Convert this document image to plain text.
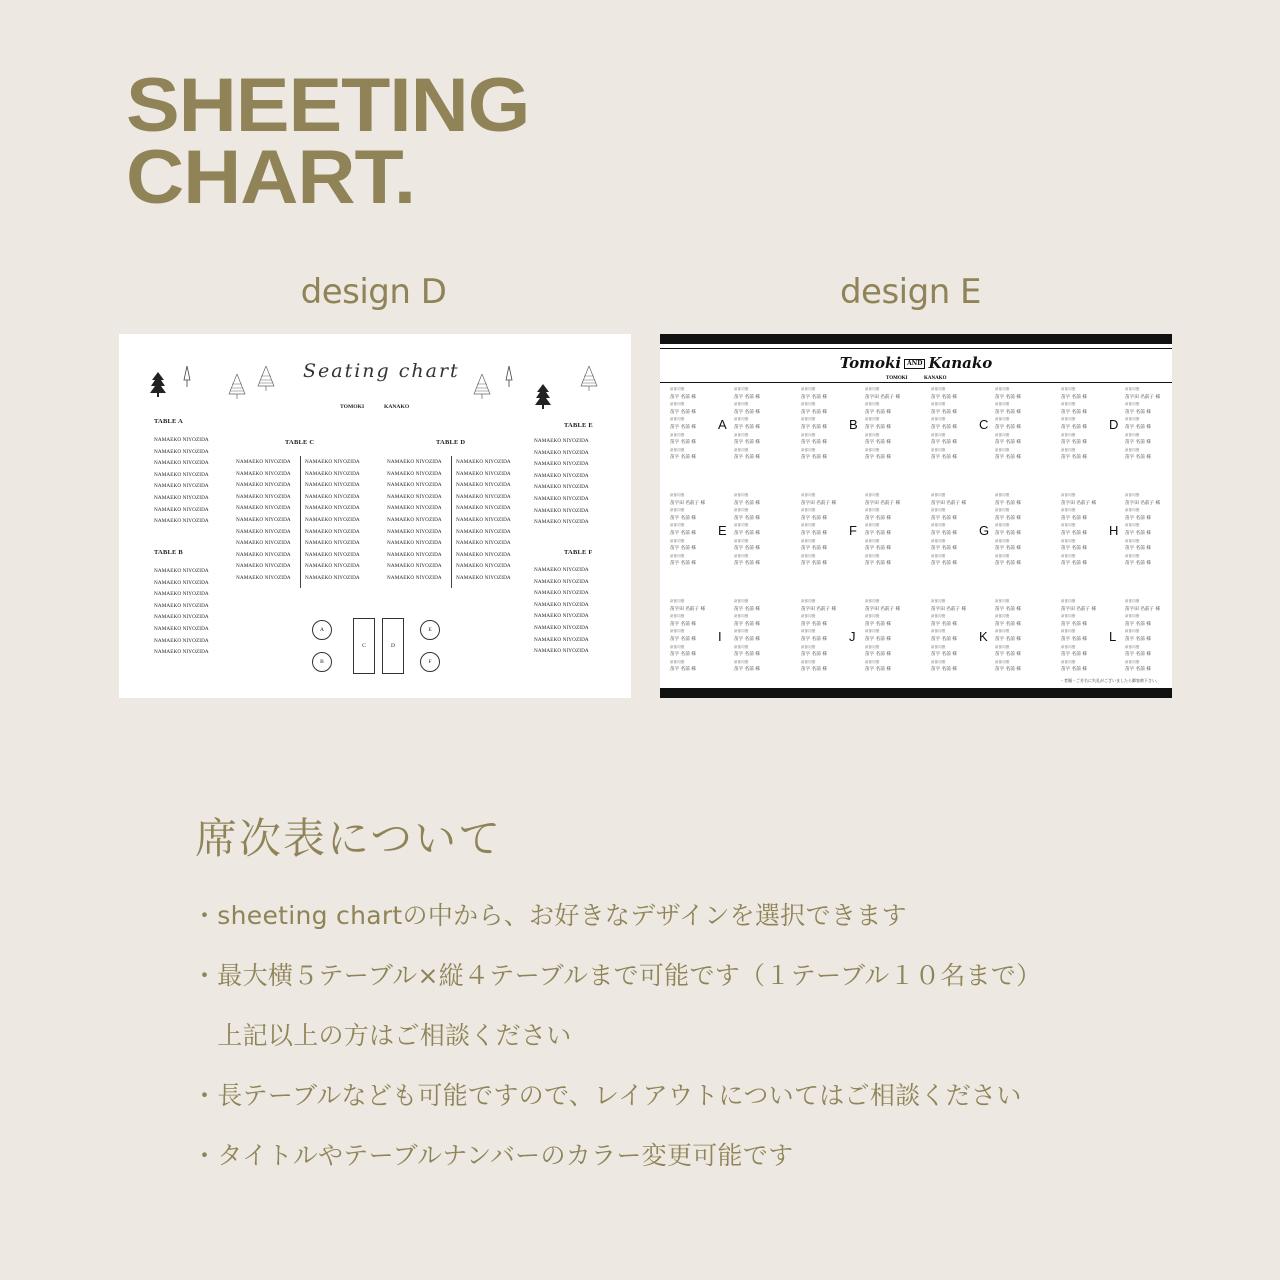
SHEETING
CHART.
design D	design E
Seating chart
TOMOKI	KANAKO
TABLE A
TABLE B
TABLE C	TABLE D
TABLE E
TABLE F
NAMAEKO NIYOZIDA
NAMAEKO NIYOZIDA
NAMAEKO NIYOZIDA
NAMAEKO NIYOZIDA
NAMAEKO NIYOZIDA
NAMAEKO NIYOZIDA
NAMAEKO NIYOZIDA
NAMAEKO NIYOZIDA
NAMAEKO NIYOZIDA
NAMAEKO NIYOZIDA
NAMAEKO NIYOZIDA
NAMAEKO NIYOZIDA
NAMAEKO NIYOZIDA
NAMAEKO NIYOZIDA
NAMAEKO NIYOZIDA
NAMAEKO NIYOZIDA
NAMAEKO NIYOZIDA
NAMAEKO NIYOZIDA
NAMAEKO NIYOZIDA
NAMAEKO NIYOZIDA
NAMAEKO NIYOZIDA
NAMAEKO NIYOZIDA
NAMAEKO NIYOZIDA
NAMAEKO NIYOZIDA
NAMAEKO NIYOZIDA
NAMAEKO NIYOZIDA
NAMAEKO NIYOZIDA
NAMAEKO NIYOZIDA
NAMAEKO NIYOZIDA
NAMAEKO NIYOZIDA
NAMAEKO NIYOZIDA
NAMAEKO NIYOZIDA
NAMAEKO NIYOZIDA
NAMAEKO NIYOZIDA
NAMAEKO NIYOZIDA
NAMAEKO NIYOZIDA
NAMAEKO NIYOZIDA
NAMAEKO NIYOZIDA
NAMAEKO NIYOZIDA
NAMAEKO NIYOZIDA
NAMAEKO NIYOZIDA
NAMAEKO NIYOZIDA
NAMAEKO NIYOZIDA
NAMAEKO NIYOZIDA
NAMAEKO NIYOZIDA
NAMAEKO NIYOZIDA
NAMAEKO NIYOZIDA
NAMAEKO NIYOZIDA
NAMAEKO NIYOZIDA
NAMAEKO NIYOZIDA
NAMAEKO NIYOZIDA
NAMAEKO NIYOZIDA
NAMAEKO NIYOZIDA
NAMAEKO NIYOZIDA
NAMAEKO NIYOZIDA
NAMAEKO NIYOZIDA
NAMAEKO NIYOZIDA
NAMAEKO NIYOZIDA
NAMAEKO NIYOZIDA
NAMAEKO NIYOZIDA
NAMAEKO NIYOZIDA
NAMAEKO NIYOZIDA
NAMAEKO NIYOZIDA
NAMAEKO NIYOZIDA
NAMAEKO NIYOZIDA
NAMAEKO NIYOZIDA
NAMAEKO NIYOZIDA
NAMAEKO NIYOZIDA
NAMAEKO NIYOZIDA
NAMAEKO NIYOZIDA
NAMAEKO NIYOZIDA
NAMAEKO NIYOZIDA
NAMAEKO NIYOZIDA
NAMAEKO NIYOZIDA
NAMAEKO NIYOZIDA
NAMAEKO NIYOZIDA
A
B
C	D
E
F
Tomoki AND Kanako
TOMOKI	KANAKO
A
新郎同僚
苗字 名前 様
新郎同僚
苗字 名前 様
新郎同僚
苗字 名前 様
新郎同僚
苗字 名前 様
新郎同僚
苗字 名前 様
新郎同僚
苗字 名前 様
新郎同僚
苗字 名前 様
新郎同僚
苗字 名前 様
新郎同僚
苗字 名前 様
新郎同僚
苗字 名前 様
B
新郎同僚
苗字 名前 様
新郎同僚
苗字 名前 様
新郎同僚
苗字 名前 様
新郎同僚
苗字 名前 様
新郎同僚
苗字 名前 様
新郎同僚
苗字田 名前子 様
新郎同僚
苗字 名前 様
新郎同僚
苗字 名前 様
新郎同僚
苗字 名前 様
新郎同僚
苗字 名前 様
C
新郎同僚
苗字 名前 様
新郎同僚
苗字 名前 様
新郎同僚
苗字 名前 様
新郎同僚
苗字 名前 様
新郎同僚
苗字 名前 様
新郎同僚
苗字 名前 様
新郎同僚
苗字 名前 様
新郎同僚
苗字 名前 様
新郎同僚
苗字 名前 様
新郎同僚
苗字 名前 様
D
新郎同僚
苗字 名前 様
新郎同僚
苗字 名前 様
新郎同僚
苗字 名前 様
新郎同僚
苗字 名前 様
新郎同僚
苗字 名前 様
新郎同僚
苗字田 名前子 様
新郎同僚
苗字 名前 様
新郎同僚
苗字 名前 様
新郎同僚
苗字 名前 様
新郎同僚
苗字 名前 様
E
新郎同僚
苗字田 名前子 様
新郎同僚
苗字 名前 様
新郎同僚
苗字 名前 様
新郎同僚
苗字 名前 様
新郎同僚
苗字 名前 様
新郎同僚
苗字 名前 様
新郎同僚
苗字 名前 様
新郎同僚
苗字 名前 様
新郎同僚
苗字 名前 様
新郎同僚
苗字 名前 様
F
新郎同僚
苗字田 名前子 様
新郎同僚
苗字 名前 様
新郎同僚
苗字 名前 様
新郎同僚
苗字 名前 様
新郎同僚
苗字 名前 様
新郎同僚
苗字田 名前子 様
新郎同僚
苗字 名前 様
新郎同僚
苗字 名前 様
新郎同僚
苗字 名前 様
新郎同僚
苗字 名前 様
G
新郎同僚
苗字田 名前子 様
新郎同僚
苗字 名前 様
新郎同僚
苗字 名前 様
新郎同僚
苗字 名前 様
新郎同僚
苗字 名前 様
新郎同僚
苗字 名前 様
新郎同僚
苗字 名前 様
新郎同僚
苗字 名前 様
新郎同僚
苗字 名前 様
新郎同僚
苗字 名前 様
H
新郎同僚
苗字田 名前子 様
新郎同僚
苗字 名前 様
新郎同僚
苗字 名前 様
新郎同僚
苗字 名前 様
新郎同僚
苗字 名前 様
新郎同僚
苗字田 名前子 様
新郎同僚
苗字 名前 様
新郎同僚
苗字 名前 様
新郎同僚
苗字 名前 様
新郎同僚
苗字 名前 様
I
新郎同僚
苗字田 名前子 様
新郎同僚
苗字 名前 様
新郎同僚
苗字 名前 様
新郎同僚
苗字 名前 様
新郎同僚
苗字 名前 様
新郎同僚
苗字 名前 様
新郎同僚
苗字 名前 様
新郎同僚
苗字 名前 様
新郎同僚
苗字 名前 様
新郎同僚
苗字 名前 様
J
新郎同僚
苗字田 名前子 様
新郎同僚
苗字 名前 様
新郎同僚
苗字 名前 様
新郎同僚
苗字 名前 様
新郎同僚
苗字 名前 様
新郎同僚
苗字田 名前子 様
新郎同僚
苗字 名前 様
新郎同僚
苗字 名前 様
新郎同僚
苗字 名前 様
新郎同僚
苗字 名前 様
K
新郎同僚
苗字田 名前子 様
新郎同僚
苗字 名前 様
新郎同僚
苗字 名前 様
新郎同僚
苗字 名前 様
新郎同僚
苗字 名前 様
新郎同僚
苗字 名前 様
新郎同僚
苗字 名前 様
新郎同僚
苗字 名前 様
新郎同僚
苗字 名前 様
新郎同僚
苗字 名前 様
L
新郎同僚
苗字田 名前子 様
新郎同僚
苗字 名前 様
新郎同僚
苗字 名前 様
新郎同僚
苗字 名前 様
新郎同僚
苗字 名前 様
新郎同僚
苗字田 名前子 様
新郎同僚
苗字 名前 様
新郎同僚
苗字 名前 様
新郎同僚
苗字 名前 様
新郎同僚
苗字 名前 様
・者順・ご芳名に失礼がございましたら御容赦下さい。
席次表について
・sheeting chartの中から、お好きなデザインを選択できます
・最大横５テーブル×縦４テーブルまで可能です（１テーブル１０名まで）
　上記以上の方はご相談ください
・長テーブルなども可能ですので、レイアウトについてはご相談ください
・タイトルやテーブルナンバーのカラー変更可能です
